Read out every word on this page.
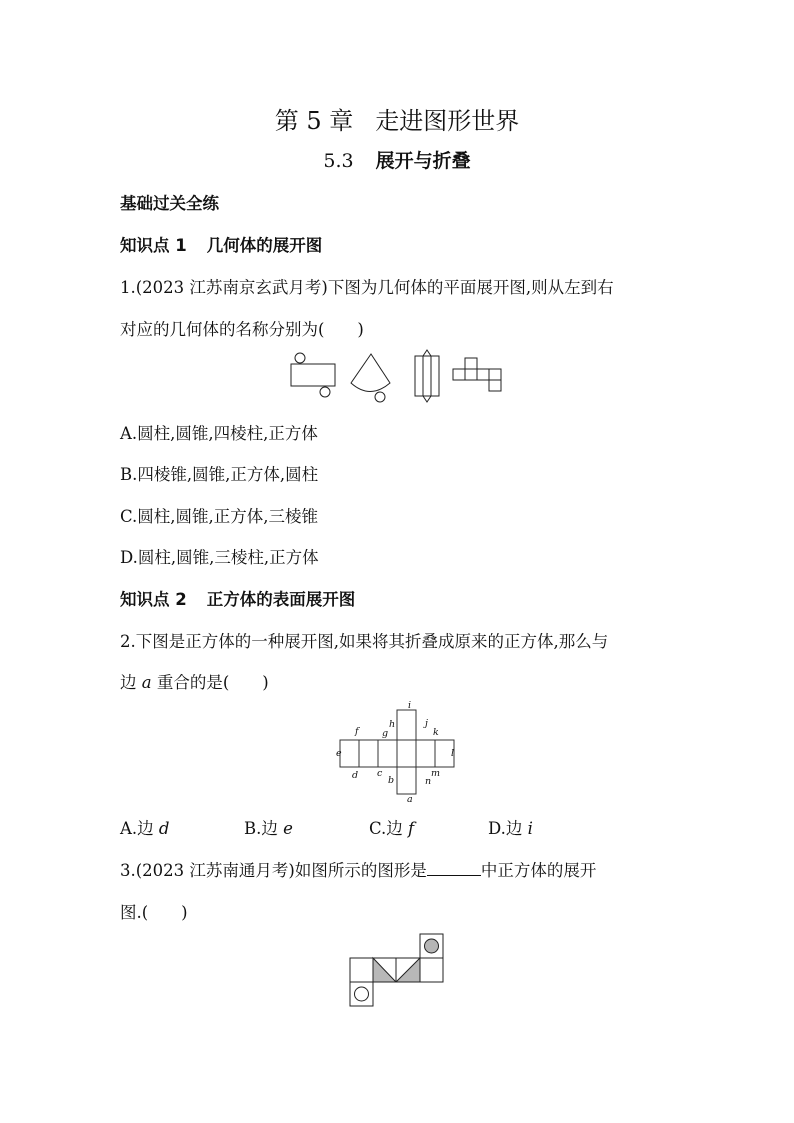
第 5 章 走进图形世界
5.3 展开与折叠
基础过关全练
知识点 1 几何体的展开图
1.(2023 江苏南京玄武月考)下图为几何体的平面展开图,则从左到右
对应的几何体的名称分别为(　　)
A.圆柱,圆锥,四棱柱,正方体
B.四棱锥,圆锥,正方体,圆柱
C.圆柱,圆锥,正方体,三棱锥
D.圆柱,圆锥,三棱柱,正方体
知识点 2 正方体的表面展开图
2.下图是正方体的一种展开图,如果将其折叠成原来的正方体,那么与
边 a 重合的是(　　)
i
h	j
k
f g
e	l
d c
b
m
n
a
A.边 d	B.边 e	C.边 f	D.边 i
3.(2023 江苏南通月考)如图所示的图形是	中正方体的展开
图.(　　)
